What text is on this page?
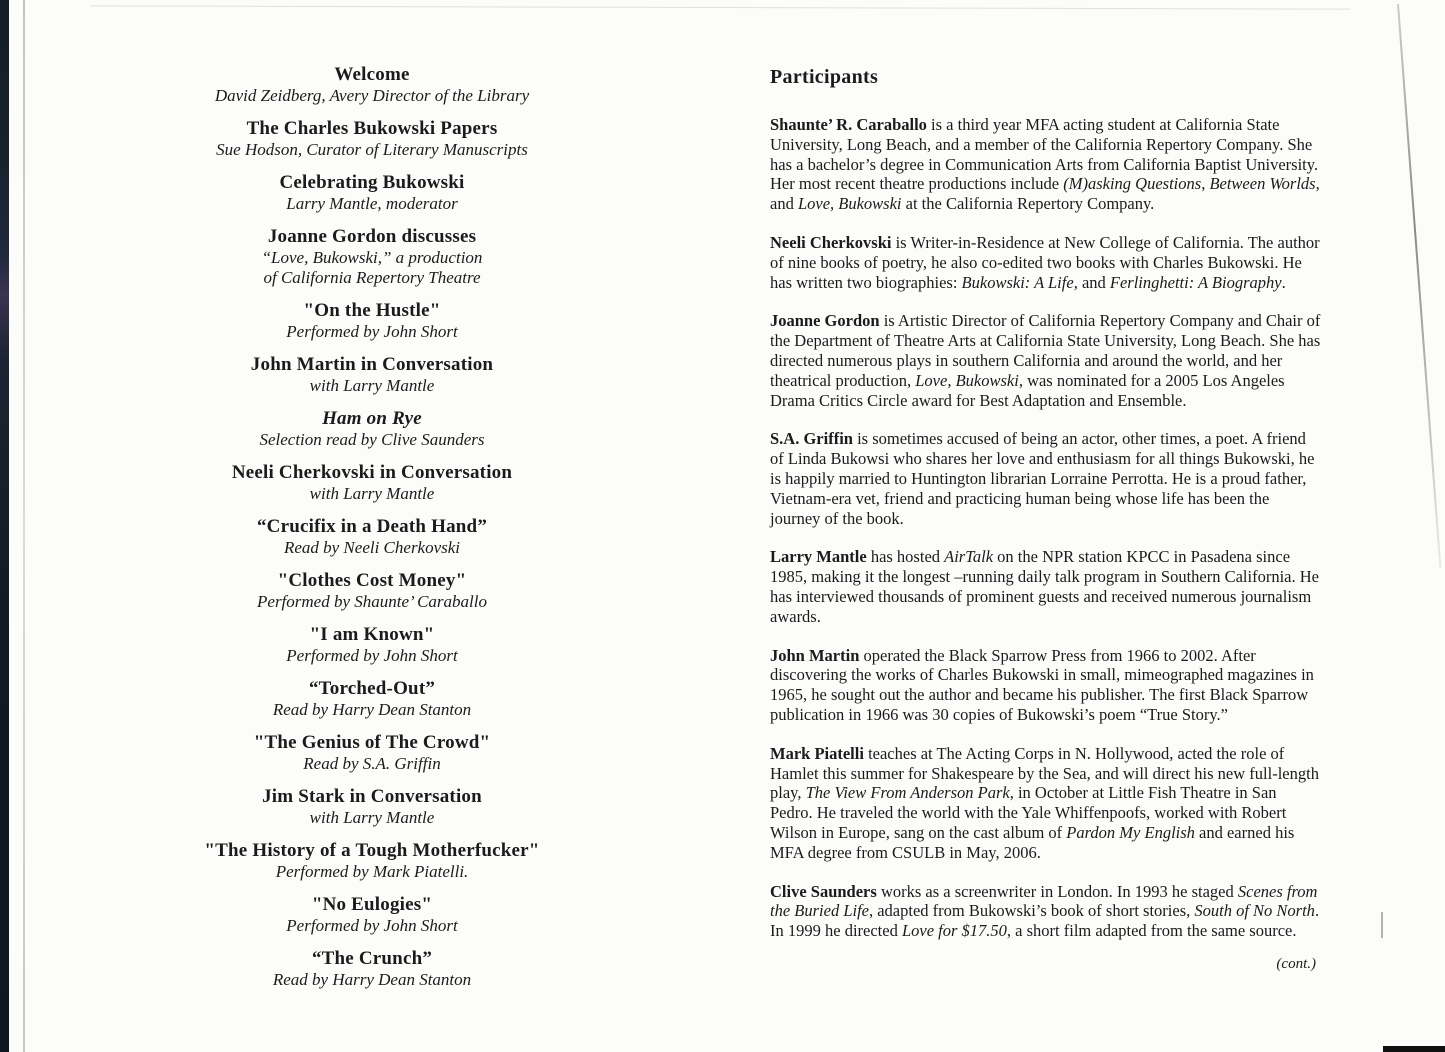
Welcome
David Zeidberg, Avery Director of the Library
The Charles Bukowski Papers
Sue Hodson, Curator of Literary Manuscripts
Celebrating Bukowski
Larry Mantle, moderator
Joanne Gordon discusses
“Love, Bukowski,” a production
of California Repertory Theatre
"On the Hustle"
Performed by John Short
John Martin in Conversation
with Larry Mantle
Ham on Rye
Selection read by Clive Saunders
Neeli Cherkovski in Conversation
with Larry Mantle
“Crucifix in a Death Hand”
Read by Neeli Cherkovski
"Clothes Cost Money"
Performed by Shaunte’ Caraballo
"I am Known"
Performed by John Short
“Torched-Out”
Read by Harry Dean Stanton
"The Genius of The Crowd"
Read by S.A. Griffin
Jim Stark in Conversation
with Larry Mantle
"The History of a Tough Motherfucker"
Performed by Mark Piatelli.
"No Eulogies"
Performed by John Short
“The Crunch”
Read by Harry Dean Stanton
Participants

Shaunte’ R. Caraballo is a third year MFA acting student at California State University, Long Beach, and a member of the California Repertory Company. She has a bachelor’s degree in Communication Arts from California Baptist University. Her most recent theatre productions include (M)asking Questions, Between Worlds, and Love, Bukowski at the California Repertory Company.

Neeli Cherkovski is Writer-in-Residence at New College of California. The author of nine books of poetry, he also co-edited two books with Charles Bukowski. He has written two biographies: Bukowski: A Life, and Ferlinghetti: A Biography.

Joanne Gordon is Artistic Director of California Repertory Company and Chair of the Department of Theatre Arts at California State University, Long Beach. She has directed numerous plays in southern California and around the world, and her theatrical production, Love, Bukowski, was nominated for a 2005 Los Angeles Drama Critics Circle award for Best Adaptation and Ensemble.

S.A. Griffin is sometimes accused of being an actor, other times, a poet. A friend of Linda Bukowsi who shares her love and enthusiasm for all things Bukowski, he is happily married to Huntington librarian Lorraine Perrotta. He is a proud father, Vietnam-era vet, friend and practicing human being whose life has been the journey of the book.

Larry Mantle has hosted AirTalk on the NPR station KPCC in Pasadena since 1985, making it the longest –running daily talk program in Southern California. He has interviewed thousands of prominent guests and received numerous journalism awards.

John Martin operated the Black Sparrow Press from 1966 to 2002. After discovering the works of Charles Bukowski in small, mimeographed magazines in 1965, he sought out the author and became his publisher. The first Black Sparrow publication in 1966 was 30 copies of Bukowski’s poem “True Story.”

Mark Piatelli teaches at The Acting Corps in N. Hollywood, acted the role of Hamlet this summer for Shakespeare by the Sea, and will direct his new full-length play, The View From Anderson Park, in October at Little Fish Theatre in San Pedro. He traveled the world with the Yale Whiffenpoofs, worked with Robert Wilson in Europe, sang on the cast album of Pardon My English and earned his MFA degree from CSULB in May, 2006.

Clive Saunders works as a screenwriter in London. In 1993 he staged Scenes from the Buried Life, adapted from Bukowski’s book of short stories, South of No North. In 1999 he directed Love for $17.50, a short film adapted from the same source.

(cont.)
